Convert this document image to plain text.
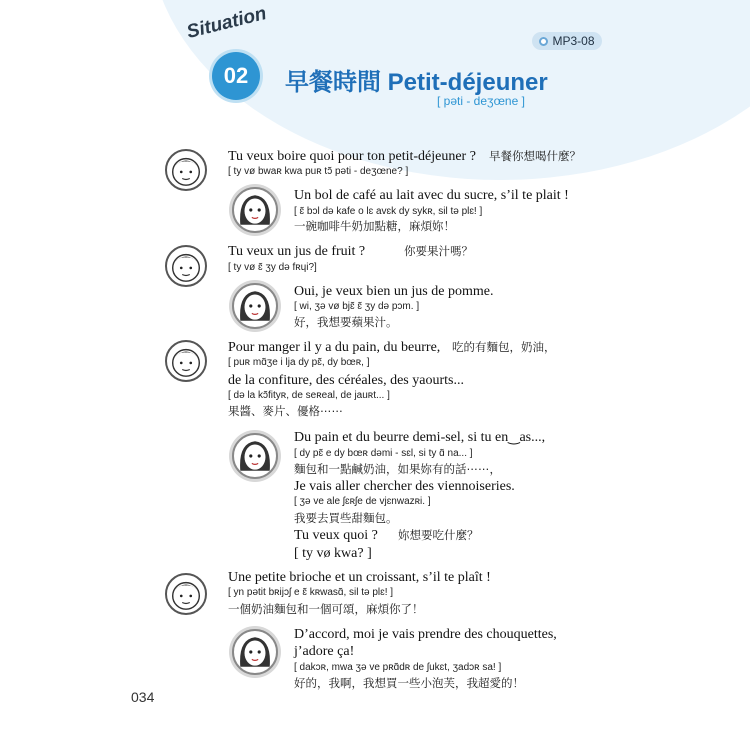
MP3-08
Situation
02	早餐時間 Petit-déjeuner
[ pəti - deʒœne ]
Tu veux boire quoi pour ton petit-déjeuner ? 早餐你想喝什麼？
[ ty vø bwaʀ kwa puʀ tɔ̃ pəti - deʒœne? ]
Un bol de café au lait avec du sucre, s’il te plait !
[ ɛ̃ bɔl də kafe o lɛ avɛk dy sykʀ, sil tə plɛ! ]
一碗咖啡牛奶加點糖，麻煩妳！
Tu veux un jus de fruit ?	你要果汁嗎？
[ ty vø ɛ̃ ʒy də fʀɥi?]
Oui, je veux bien un jus de pomme.
[ wi, ʒə vø bjɛ̃ ɛ̃ ʒy də pɔm. ]
好，我想要蘋果汁。
Pour manger il y a du pain, du beurre, 吃的有麵包，奶油，
[ puʀ mɑ̃ʒe i lja dy pɛ̃, dy bœʀ, ]
de la confiture, des céréales, des yaourts...
[ də la kɔ̃fityʀ, de seʀeal, de jauʀt... ]
果醬、麥片、優格⋯⋯
Du pain et du beurre demi-sel, si tu en‿as...,
[ dy pɛ̃ e dy bœʀ dəmi - sɛl, si ty ɑ̃ na... ]
麵包和一點鹹奶油，如果妳有的話⋯⋯，
Je vais aller chercher des viennoiseries.
[ ʒə ve ale ʃɛʀʃe de vjɛnwazʀi. ]
我要去買些甜麵包。
Tu veux quoi ? 妳想要吃什麼？
[ ty vø kwa? ]
Une petite brioche et un croissant, s’il te plaît !
[ yn pətit bʀijɔʃ e ɛ̃ kʀwasɑ̃, sil tə plɛ! ]
一個奶油麵包和一個可頌，麻煩你了！
D’accord, moi je vais prendre des chouquettes,
j’adore ça!
[ dakɔʀ, mwa ʒə ve pʀɑ̃dʀ de ʃukɛt, ʒadɔʀ sa! ]
好的，我啊，我想買一些小泡芙，我超愛的！
034
